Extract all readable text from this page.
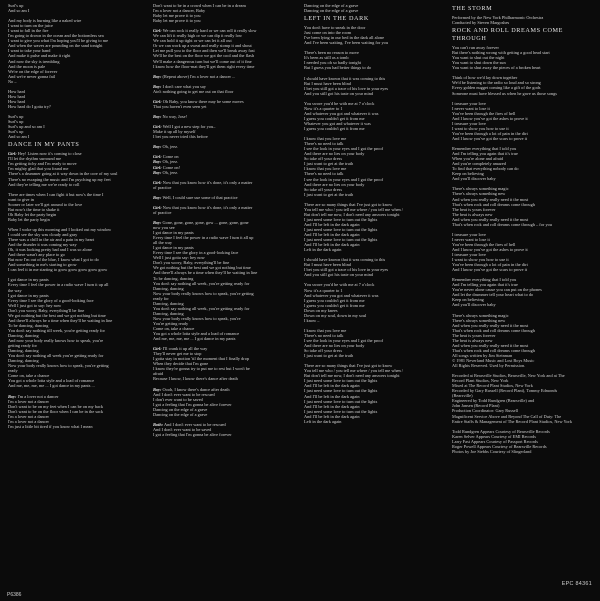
Surf's up
And so am I
And my body is burning like a naked wire
I want to turn on the juice
I want to fall in the fire
I'm going to drown in the ocean and the bottomless sea
I want to give you what I'm hoping you'll be giving to me
And when the waves are pounding on the sand tonight
I want to take your hand
And make it pulse and make it right
And now the sky is trembling
And the moon is pale
We're on the edge of forever
And we're never gonna fail
No –
How hard
How hard
How hard
How hard do I gotta try?
Surf's up
Surf's up
Surf's up and so am I
Surf's up
And so am I
DANCE IN MY PANTS
Girl: Hey! Listen now it's coming to close
I'll let the rhythm surround me
I'm getting itchy and I'm ready to move
I'm mighty glad that you found me
There's a drummer going at it way down in the core of my soul
There's no escaping the music and I'm psyching up my feet
And they're telling me we're ready to roll
There are times when I can fight it but now's the time I
want to give in
Sooner or later we'll get around to the love
But now's the time to shake it
Oh Baby let the party begin
Baby let the party begin
When I woke up this morning and I looked out my window
I could see the sky was cloudy and gray
There was a chill in the air and a pain in my heart
And the thunder it was coming my way
Oh, it was looking pretty bad and I was so alone
And there wasn't any place to go
But now I'm out of the blue, I know what I got to do
And something in me's starting to grow
I can feel it in me starting to grow grow grow grow grow
I got dance in my pants
Every time I feel the power in a radio wave I turn it up all
the way
I got dance in my pants
Every time I see the glory of a good-looking face
Well I just got to say: hey now
Don't you worry, Baby, everything'll be fine
We got nothing but the best and we got nothing but time
And there'll always be a time when they'll be waiting in line
To be dancing, dancing
You don't say nothing till week, you're getting ready for
Dancing, dancing
And now your body really knows how to speak, you're
getting ready for
Dancing, dancing
You don't say nothing all week you're getting ready for
Dancing, dancing
Now your body really knows how to speak, you're getting
ready
Come on, take a chance
You got a whole lotta style and a load of romance
And me, me, me, me ... I got dance in my pants ...
Boy: I'm a lover not a dancer
I'm a lover not a dancer
Don't want to be on my feet when I can be on my back
Don't want to be on the floor when I can be in the sack
I'm a lover not a dancer
I'm a lover not a dancer
I'm just a little bit tired if you know what I mean
Don't want to be in a crowd when I can be in a dream
I'm a lover not a dancer, Baby
Baby let me prove it to you
Baby let me prove it to you
Girl: We can rock it really hard or we can roll it really slow
We can lift it really high or we can dip it really low
We can hold it up tight or we can let it all out
Or we can work up a sweat and really stomp it and shout
Let me pull you to the floor and then we'll break away fast
We'll be the best on the floor we got the cool and the flash
We'll make a dangerous turn but we'll come out of it fine
I know how the floor-mat they'll get them right every time
Boy: (Repeat above) I'm a lover not a dancer ...
Boy: I don't care what you say
Ain't nothing going to get me out on that floor
Girl: Oh Baby, you know there may be some moves
That you haven't even seen yet
Boy: No way, Jose!
Girl: Well I got a new step for you–
Make it up all by myself
I bet you never tried this before
Boy: Oh, jeez.
Girl: Come on
Boy: Oh, jeez.
Girl: Come on!
Boy: Oh, jeez.
Girl: Now that you know how it's done, it's only a matter
of practice
Boy: Well, I could sure use some of that practice
Girl: Now that you know how it's done, it's only a matter
of practice
Boy: Gone, gone, gone, gone, gow ... gone, gone, gone
now you see
I got dance in my pants
Every time I feel the power in a radio wave I turn it all up
all the way
I got dance in my pants
Every time I see the glory in a good-looking face
Well I just gotta say: hey now
Don't you worry, Baby, everything'll be fine
We got nothing but the best and we got nothing but time
And there'll always be a time when they'll be waiting in line
To be dancing, dancing
You don't say nothing all week, you're getting ready for
Dancing, dancing
Now your body really knows how to speak, you're getting
ready for
Dancing, dancing
You don't say nothing all week, you're getting ready for
Dancing, dancing
Now your body really knows how to speak, you're
You're getting ready
Come on, take a chance
You got a whole lotta style and a load of romance
And me, me, me, me ... I got dance in my pants
Girl: I'll crank it up all the way
They'll never get me to stop
I gotta stay in motion 'til the moment that I finally drop
When they decide that I'm gone
I know they're gonna try to put me to rest but I won't be
afraid
Because I know, I know there's dance after death
Boy: Oooh, I know there's dance after death
And I don't ever want to be rescued
I don't ever want to be saved
I got a feeling that I'm gonna be alive forever
Dancing on the edge of a grave
Dancing on the edge of a grave
Both: And I don't ever want to be rescued
And I don't ever want to be saved
I got a feeling that I'm gonna be alive forever
Dancing on the edge of a grave
Dancing on the edge of a grave
LEFT IN THE DARK
You don't have to sneak in the door
Just come on into the room
I've been lying in our bed in the dark all alone
And I've been waiting, I've been waiting for you
There's been no reason to move
It's been as still as a tomb
I needed you oh so badly tonight
But I guess you had better things to do
I should have known that it was coming to this
But I must have been blind
I bet you still got a trace of his love in your eyes
And you still got his taste on your mind
You swore you'd be with me at 7 o'clock
Now it's a quarter to 1
And whatever you got and whatever it was
I guess you couldn't get it from me
Whatever you got and whatever it was
I guess you couldn't get it from me
I know that you love me
There's no need to talk
I see the look in your eyes and I got the proof
And there are no lies on your body
So take off your dress
I just want to get at the truth
I know that you love me
There's no need to talk
I see the look in your eyes and I got the proof
And there are no lies on your body
So take off your dress
I just want to get at the truth
There are so many things that I've just got to know
You tell me who / you tell me where / you tell me when /
But don't tell me now, I don't need any answers tonight
I just need some love to turn out the lights
And I'll be left in the dark again
I just need some love to turn out the lights
And I'll be left in the dark again
I just need some love to turn out the lights
And I'll be left in the dark again
Left in the dark again
I should have known that it was coming to this
But I must have been blind
I bet you still got a trace of his love in your eyes
And you still got his taste on your mind
You swore you'd be with me at 7 o'clock
Now it's a quarter to 1
And whatever you got and whatever it was
I guess you couldn't get it from me
I guess you couldn't get it from me
Down on my knees
Down on my soul, down in my soul
I know –
I know that you love me
There's no need to talk
I see the look in your eyes and I got the proof
And there are no lies on your body
So take off your dress
I just want to get at the truth
There are so many things that I've just got to know
You tell me who / you tell me where / you tell me when /
But don't tell me now, I don't need any answers tonight
I just need some love to turn out the lights
And I'll be left in the dark again
I just need some love to turn out the lights
And I'll be left in the dark again
I just need some love to turn out the lights
And I'll be left in the dark again
I just need some love to turn out the lights
And I'll be left in the dark again
Left in the dark again
THE STORM
Performed by the New York Philharmonic Orchestra
Conducted by Steven Margoshes
ROCK AND ROLL DREAMS COME THROUGH
You can't run away forever
But there's nothing wrong with getting a good head start
You want to shut out the night
You want to shut down the sun
You want to shut away the pieces of a broken heart
Think of how we'd lay down together
We'd be listening to the radio so loud and so strong
Every golden nugget coming like a gift of the gods
Someone must have blessed us when he gave us those songs
I treasure your love
I never want to lose it
You've been through the fires of hell
And I know you've got the ashes to prove it
I treasure your love
I want to show you how to use it
You've been through a lot of pain in the dirt
And I know you've got the scars to prove it
Remember everything that I told you
And I'm telling you again that it's true
When you're alone and afraid
And you're completely amazed
To find that everything nobody can do
Keep on believing
And you'll discover baby
There's always something magic
There's always something new
And when you really really need it the most
That's when rock and roll dreams come through
The beat is yours forever
The beat is always new
And when you really really need it the most
That's when rock and roll dreams come through – for you
I treasure your love
I never want to lose it
You've been through the fires of hell
And I know you've got the ashes to prove it
I treasure your love
I want to show you how to use it
You've been through a lot of pain in the dirt
And I know you've got the scars to prove it
Remember everything that I told you
And I'm telling you again that it's true
You're never alone cause you can put on the phones
And let the drummer tell your heart what to do
Keep on believing
And you'll discover baby
There's always something magic
There's always something new
And when you really really need it the most
That's when rock and roll dreams come through
The beat is yours forever
The beat is always new
And when you really really need it the most
That's when rock and roll dreams come through
All songs written by Jim Steinman
© 1981 Neverland Music and Lost Boys Music
All Rights Reserved. Used by Permission.
Recorded at Bearsville Studios, Bearsville, New York and at The
Record Plant Studios, New York
Mixed at The Record Plant Studios, New York
Recorded by Gary Russell (Record Plant), Tommy Edmonds
(Bearsville)
Engineered by Todd Rundgren (Bearsville) and
John Jansen (Record Plant)
Production Coordinator: Gary Russell
Magnificent Service Above and Beyond The Call of Duty: The
Entire Staffs & Management of The Record Plant Studios, New York
Todd Rundgren Appears Courtesy of Bearsville Records
Karen Selver Appears Courtesy of EMI Records
Larry Fast Appears Courtesy of Passport Records
Roger Powell Appears Courtesy of Bearsville Records
Photos by Joe Stebbs Courtesy of Slingerland
P6386
EPC 84361
